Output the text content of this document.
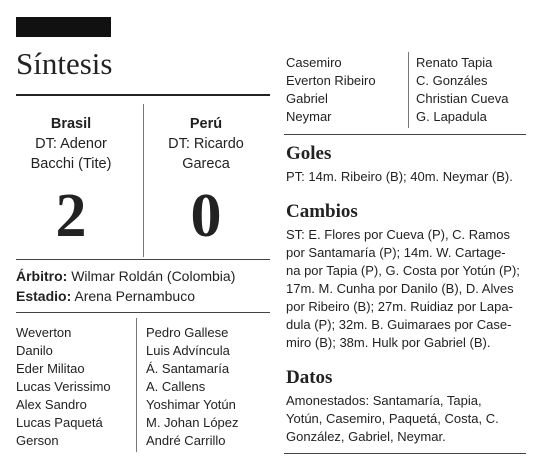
Síntesis
Brasil
DT: Adenor
Bacchi (Tite)
Perú
DT: Ricardo
Gareca
2	0
Árbitro: Wilmar Roldán (Colombia)
Estadio: Arena Pernambuco
Weverton
Danilo
Eder Militao
Lucas Verissimo
Alex Sandro
Lucas Paquetá
Gerson
Pedro Gallese
Luis Advíncula
Á. Santamaría
A. Callens
Yoshimar Yotún
M. Johan López
André Carrillo
Casemiro
Everton Ribeiro
Gabriel
Neymar
Renato Tapia
C. Gonzáles
Christian Cueva
G. Lapadula
Goles
PT: 14m. Ribeiro (B); 40m. Neymar (B).
Cambios
ST: E. Flores por Cueva (P), C. Ramos
por Santamaría (P); 14m. W. Cartage-
na por Tapia (P), G. Costa por Yotún (P);
17m. M. Cunha por Danilo (B), D. Alves
por Ribeiro (B); 27m. Ruidiaz por Lapa-
dula (P); 32m. B. Guimaraes por Case-
miro (B); 38m. Hulk por Gabriel (B).
Datos
Amonestados: Santamaría, Tapia,
Yotún, Casemiro, Paquetá, Costa, C.
González, Gabriel, Neymar.
